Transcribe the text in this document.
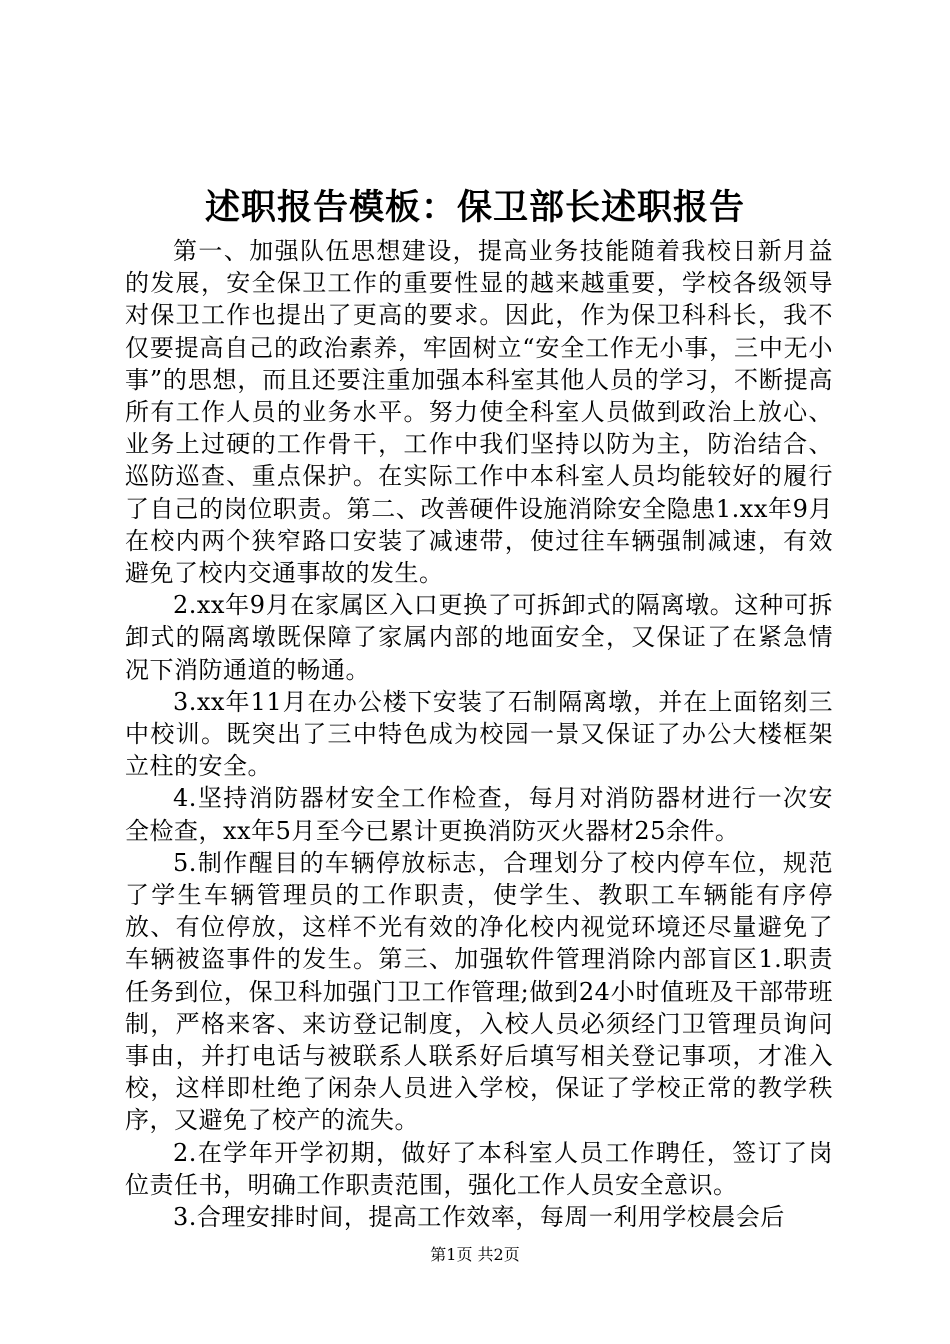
述职报告模板：保卫部长述职报告

第一、加强队伍思想建设，提高业务技能随着我校日新月益的发展，安全保卫工作的重要性显的越来越重要，学校各级领导对保卫工作也提出了更高的要求。因此，作为保卫科科长，我不仅要提高自己的政治素养，牢固树立“安全工作无小事，三中无小事”的思想，而且还要注重加强本科室其他人员的学习，不断提高所有工作人员的业务水平。努力使全科室人员做到政治上放心、业务上过硬的工作骨干，工作中我们坚持以防为主，防治结合、巡防巡查、重点保护。在实际工作中本科室人员均能较好的履行了自己的岗位职责。第二、改善硬件设施消除安全隐患1.xx年9月在校内两个狭窄路口安装了减速带，使过往车辆强制减速，有效避免了校内交通事故的发生。

2.xx年9月在家属区入口更换了可拆卸式的隔离墩。这种可拆卸式的隔离墩既保障了家属内部的地面安全，又保证了在紧急情况下消防通道的畅通。

3.xx年11月在办公楼下安装了石制隔离墩，并在上面铭刻三中校训。既突出了三中特色成为校园一景又保证了办公大楼框架立柱的安全。

4.坚持消防器材安全工作检查，每月对消防器材进行一次安全检查，xx年5月至今已累计更换消防灭火器材25余件。

5.制作醒目的车辆停放标志，合理划分了校内停车位，规范了学生车辆管理员的工作职责，使学生、教职工车辆能有序停放、有位停放，这样不光有效的净化校内视觉环境还尽量避免了车辆被盗事件的发生。第三、加强软件管理消除内部盲区1.职责任务到位，保卫科加强门卫工作管理;做到24小时值班及干部带班制，严格来客、来访登记制度，入校人员必须经门卫管理员询问事由，并打电话与被联系人联系好后填写相关登记事项，才准入校，这样即杜绝了闲杂人员进入学校，保证了学校正常的教学秩序，又避免了校产的流失。

2.在学年开学初期，做好了本科室人员工作聘任，签订了岗位责任书，明确工作职责范围，强化工作人员安全意识。

3.合理安排时间，提高工作效率，每周一利用学校晨会后

第1页 共2页
